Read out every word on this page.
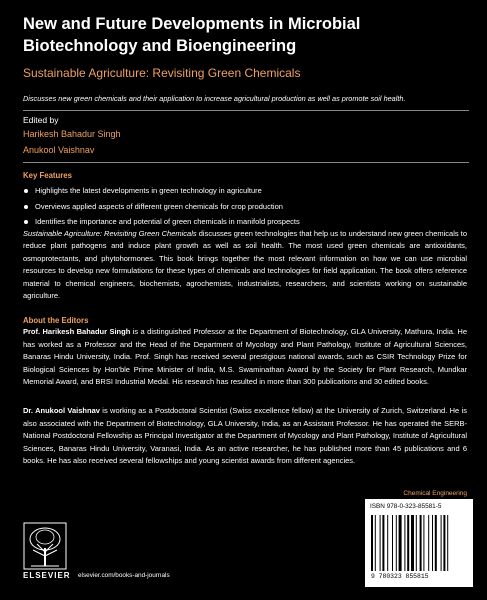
New and Future Developments in Microbial Biotechnology and Bioengineering
Sustainable Agriculture: Revisiting Green Chemicals
Discusses new green chemicals and their application to increase agricultural production as well as promote soil health.
Edited by
Harikesh Bahadur Singh
Anukool Vaishnav
Key Features
Highlights the latest developments in green technology in agriculture
Overviews applied aspects of different green chemicals for crop production
Identifies the importance and potential of green chemicals in manifold prospects

Sustainable Agriculture: Revisiting Green Chemicals discusses green technologies that help us to understand new green chemicals to reduce plant pathogens and induce plant growth as well as soil health. The most used green chemicals are antioxidants, osmoprotectants, and phytohormones. This book brings together the most relevant information on how we can use microbial resources to develop new formulations for these types of chemicals and technologies for field application. The book offers reference material to chemical engineers, biochemists, agrochemists, industrialists, researchers, and scientists working on sustainable agriculture.

About the Editors

Prof. Harikesh Bahadur Singh is a distinguished Professor at the Department of Biotechnology, GLA University, Mathura, India. He has worked as a Professor and the Head of the Department of Mycology and Plant Pathology, Institute of Agricultural Sciences, Banaras Hindu University, India. Prof. Singh has received several prestigious national awards, such as CSIR Technology Prize for Biological Sciences by Hon'ble Prime Minister of India, M.S. Swaminathan Award by the Society for Plant Research, Mundkar Memorial Award, and BRSI Industrial Medal. His research has resulted in more than 300 publications and 30 edited books.

Dr. Anukool Vaishnav is working as a Postdoctoral Scientist (Swiss excellence fellow) at the University of Zurich, Switzerland. He is also associated with the Department of Biotechnology, GLA University, India, as an Assistant Professor. He has operated the SERB-National Postdoctoral Fellowship as Principal Investigator at the Department of Mycology and Plant Pathology, Institute of Agricultural Sciences, Banaras Hindu University, Varanasi, India. As an active researcher, he has published more than 45 publications and 6 books. He has also received several fellowships and young scientist awards from different agencies.

Chemical Engineering
ISBN 978-0-323-85581-5
9 780323 855815
ELSEVIER elsevier.com/books-and-journals
